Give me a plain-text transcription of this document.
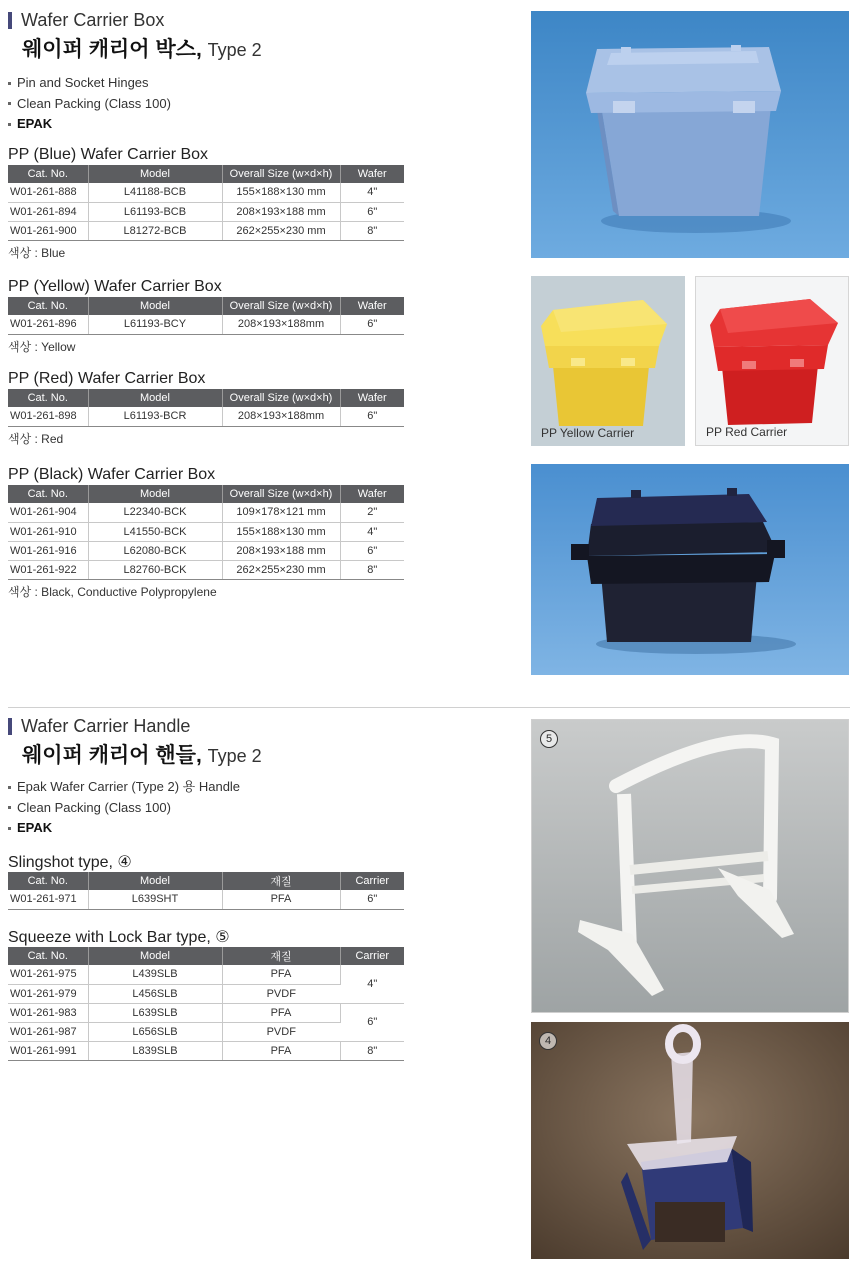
Wafer Carrier Box
웨이퍼 캐리어 박스, Type 2
Pin and Socket Hinges
Clean Packing (Class 100)
EPAK
PP (Blue) Wafer Carrier Box
Cat. No.	Model	Overall Size (w×d×h)	Wafer
W01-261-888	L41188-BCB	155×188×130 mm	4"
W01-261-894	L61193-BCB	208×193×188 mm	6"
W01-261-900	L81272-BCB	262×255×230 mm	8"
색상 : Blue
PP (Yellow) Wafer Carrier Box
Cat. No.	Model	Overall Size (w×d×h)	Wafer
W01-261-896	L61193-BCY	208×193×188mm	6"
색상 : Yellow
PP (Red) Wafer Carrier Box
Cat. No.	Model	Overall Size (w×d×h)	Wafer
W01-261-898	L61193-BCR	208×193×188mm	6"
색상 : Red
PP (Black) Wafer Carrier Box
Cat. No.	Model	Overall Size (w×d×h)	Wafer
W01-261-904	L22340-BCK	109×178×121 mm	2"
W01-261-910	L41550-BCK	155×188×130 mm	4"
W01-261-916	L62080-BCK	208×193×188 mm	6"
W01-261-922	L82760-BCK	262×255×230 mm	8"
색상 : Black, Conductive Polypropylene
PP Yellow Carrier	PP Red Carrier
Wafer Carrier Handle
웨이퍼 캐리어 핸들, Type 2
Epak Wafer Carrier (Type 2) 용 Handle
Clean Packing (Class 100)
EPAK
Slingshot type, ④
Cat. No.	Model	재질	Carrier
W01-261-971	L639SHT	PFA	6"
Squeeze with Lock Bar type, ⑤
Cat. No.	Model	재질	Carrier
W01-261-975	L439SLB	PFA	4"
W01-261-979	L456SLB	PVDF	
W01-261-983	L639SLB	PFA	6"
W01-261-987	L656SLB	PVDF	
W01-261-991	L839SLB	PFA	8"
5
4
